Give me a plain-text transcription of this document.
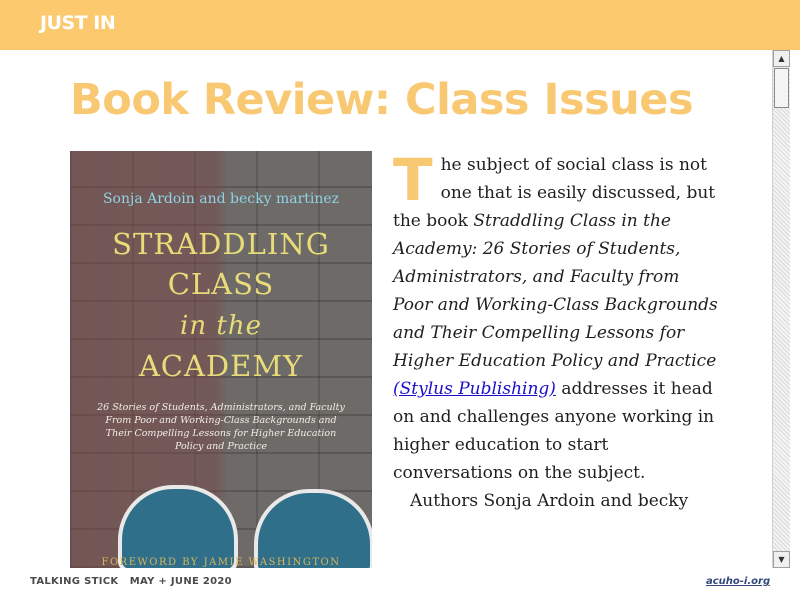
JUST IN
Book Review: Class Issues
Sonja Ardoin and becky martinez
STRADDLING
CLASS
in the
ACADEMY
26 Stories of Students, Administrators, and Faculty From Poor and Working-Class Backgrounds and Their Compelling Lessons for Higher Education Policy and Practice
FOREWORD BY JAMIE WASHINGTON

The subject of social class is not one that is easily discussed, but the book Straddling Class in the Academy: 26 Stories of Students, Administrators, and Faculty from Poor and Working-Class Backgrounds and Their Compelling Lessons for Higher Education Policy and Practice (Stylus Publishing) addresses it head on and challenges anyone working in higher education to start conversations on the subject.

Authors Sonja Ardoin and becky

▲
▼
TALKING STICK   MAY + JUNE 2020	acuho-i.org
